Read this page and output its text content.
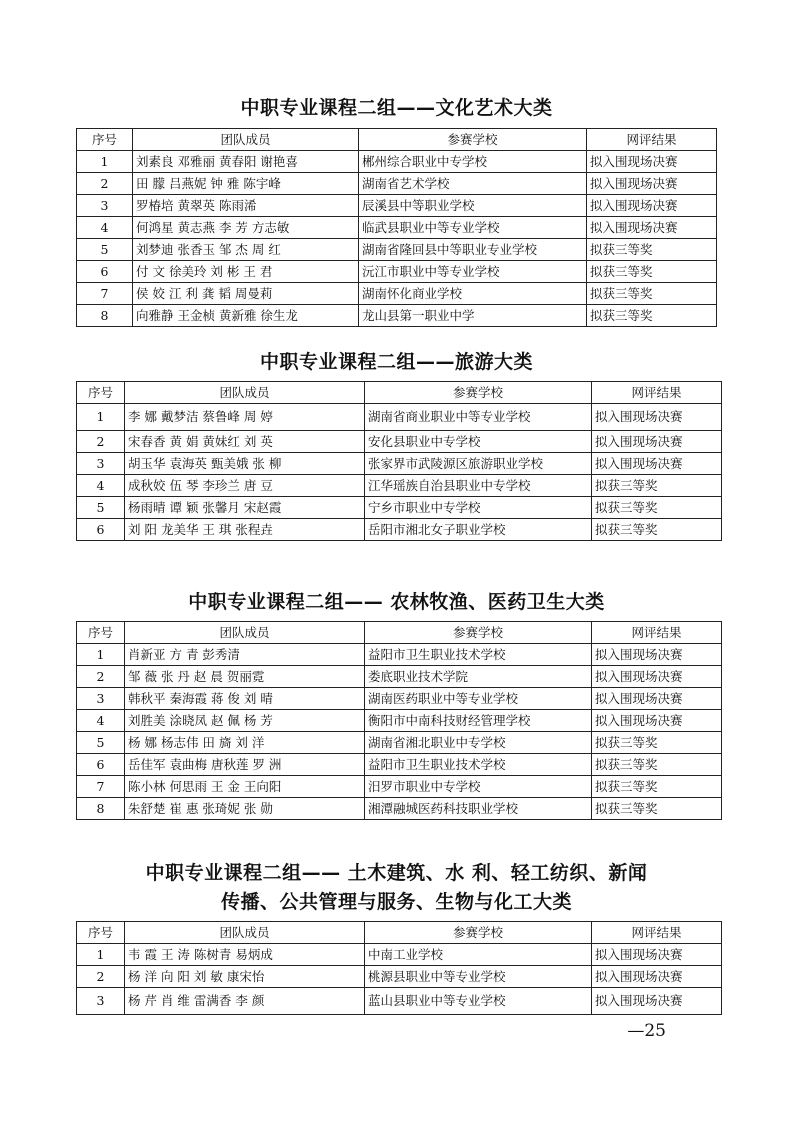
中职专业课程二组——文化艺术大类
序号	团队成员	参赛学校	网评结果
1	刘素良 邓雅丽 黄春阳 谢艳喜	郴州综合职业中专学校	拟入围现场决赛
2	田 朦 吕燕妮 钟 雅 陈宇峰	湖南省艺术学校	拟入围现场决赛
3	罗椿培 黄翠英 陈雨浠	辰溪县中等职业学校	拟入围现场决赛
4	何鸿星 黄志燕 李 芳 方志敏	临武县职业中等专业学校	拟入围现场决赛
5	刘梦迪 张香玉 邹 杰 周 红	湖南省隆回县中等职业专业学校	拟获三等奖
6	付 文 徐美玲 刘 彬 王 君	沅江市职业中等专业学校	拟获三等奖
7	侯 姣 江 利 龚 韬 周曼莉	湖南怀化商业学校	拟获三等奖
8	向雅静 王金桢 黄新雅 徐生龙	龙山县第一职业中学	拟获三等奖
中职专业课程二组——旅游大类
序号	团队成员	参赛学校	网评结果
1	李 娜 戴梦洁 蔡鲁峰 周 婷	湖南省商业职业中等专业学校	拟入围现场决赛
2	宋春香 黄 娟 黄妹红 刘 英	安化县职业中专学校	拟入围现场决赛
3	胡玉华 袁海英 甄美娥 张 柳	张家界市武陵源区旅游职业学校	拟入围现场决赛
4	成秋姣 伍 琴 李珍兰 唐 豆	江华瑶族自治县职业中专学校	拟获三等奖
5	杨雨晴 谭 颖 张馨月 宋赵霞	宁乡市职业中专学校	拟获三等奖
6	刘 阳 龙美华 王 琪 张程垚	岳阳市湘北女子职业学校	拟获三等奖
中职专业课程二组—— 农林牧渔、医药卫生大类
序号	团队成员	参赛学校	网评结果
1	肖新亚 方 青 彭秀清	益阳市卫生职业技术学校	拟入围现场决赛
2	邹 薇 张 丹 赵 晨 贺丽霓	娄底职业技术学院	拟入围现场决赛
3	韩秋平 秦海霞 蒋 俊 刘 晴	湖南医药职业中等专业学校	拟入围现场决赛
4	刘胜美 涂晓凤 赵 佩 杨 芳	衡阳市中南科技财经管理学校	拟入围现场决赛
5	杨 娜 杨志伟 田 旖 刘 洋	湖南省湘北职业中专学校	拟获三等奖
6	岳佳军 袁曲梅 唐秋莲 罗 洲	益阳市卫生职业技术学校	拟获三等奖
7	陈小林 何思雨 王 金 王向阳	汨罗市职业中专学校	拟获三等奖
8	朱舒楚 崔 惠 张琦妮 张 勋	湘潭融城医药科技职业学校	拟获三等奖
中职专业课程二组—— 土木建筑、水 利、轻工纺织、新闻
传播、公共管理与服务、生物与化工大类
序号	团队成员	参赛学校	网评结果
1	韦 霞 王 涛 陈树青 易炳成	中南工业学校	拟入围现场决赛
2	杨 洋 向 阳 刘 敏 康宋怡	桃源县职业中等专业学校	拟入围现场决赛
3	杨 芹 肖 维 雷满香 李 颜	蓝山县职业中等专业学校	拟入围现场决赛
—25
